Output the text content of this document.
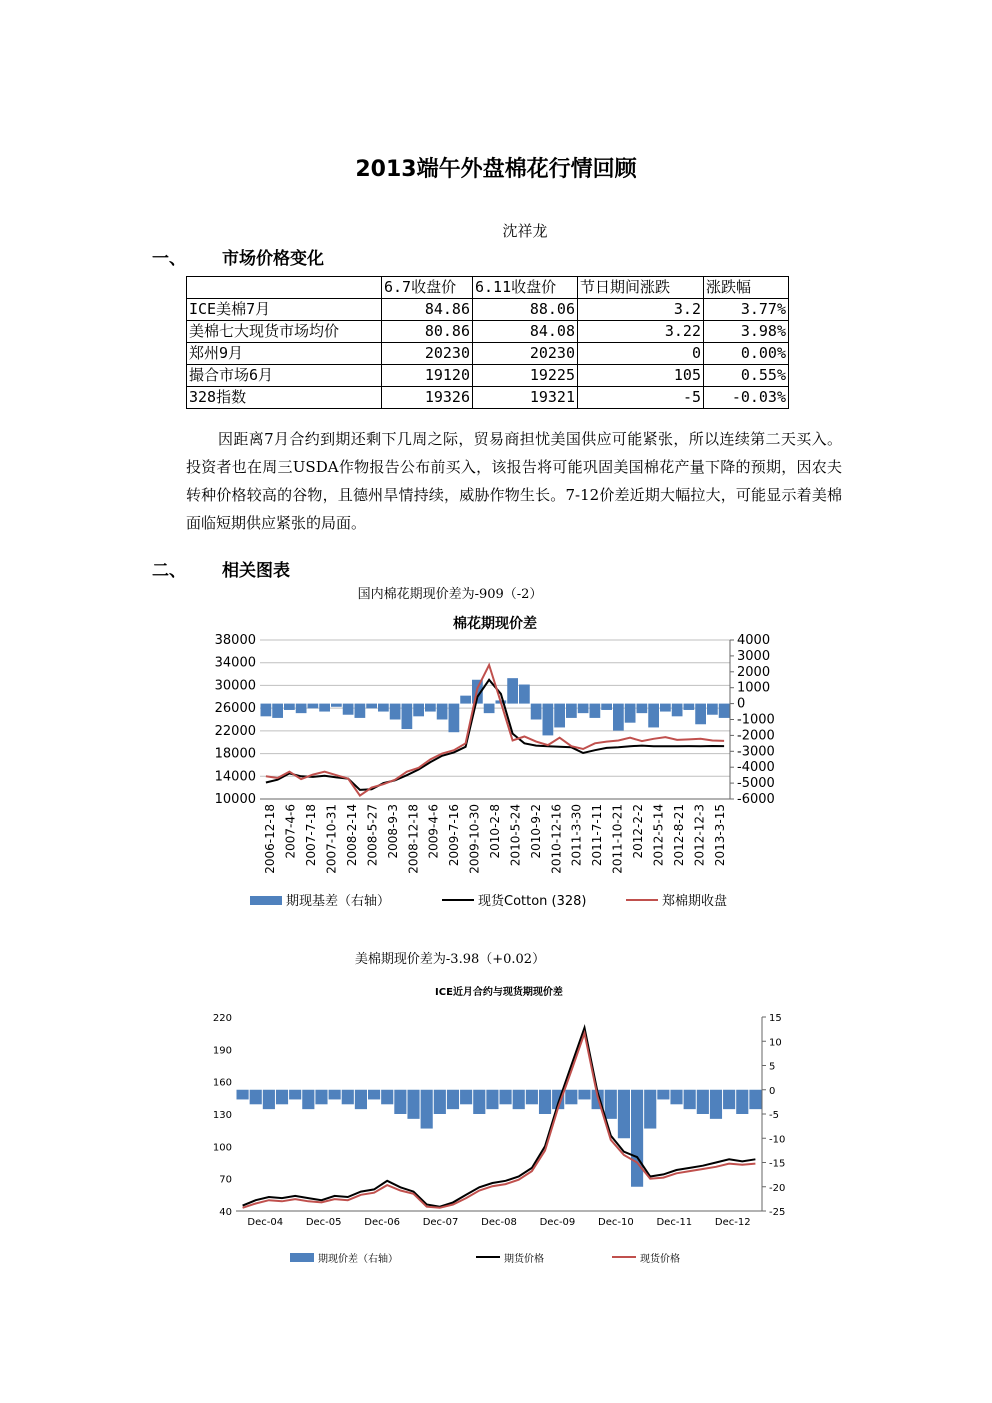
2013端午外盘棉花行情回顾
沈祥龙
一、 市场价格变化
	6.7收盘价	6.11收盘价	节日期间涨跌	涨跌幅
ICE美棉7月	84.86	88.06	3.2	3.77%
美棉七大现货市场均价	80.86	84.08	3.22	3.98%
郑州9月	20230	20230	0	0.00%
撮合市场6月	19120	19225	105	0.55%
328指数	19326	19321	-5	-0.03%
因距离7月合约到期还剩下几周之际，贸易商担忧美国供应可能紧张，所以连续第二天买入。投资者也在周三USDA作物报告公布前买入，该报告将可能巩固美国棉花产量下降的预期，因农夫转种价格较高的谷物，且德州旱情持续，威胁作物生长。7-12价差近期大幅拉大，可能显示着美棉面临短期供应紧张的局面。
二、 相关图表
国内棉花期现价差为-909（-2）
棉花期现价差
38000
34000
30000
26000
22000
18000
14000
10000
4000
3000
2000
1000
0
-1000
-2000
-3000
-4000
-5000
-6000
2006-12-18 2007-4-6 2007-7-18 2007-10-31 2008-2-14 2008-5-27 2008-9-3 2008-12-18 2009-4-6 2009-7-16 2009-10-30 2010-2-8 2010-5-24 2010-9-2 2010-12-16 2011-3-30 2011-7-11 2011-10-21 2012-2-2 2012-5-14 2012-8-21 2012-12-3 2013-3-15
期现基差（右轴）	现货Cotton (328)	郑棉期收盘
美棉期现价差为-3.98（+0.02）
ICE近月合约与现货期现价差
220
190
160
130
100
70
40
15
10
5
0
-5
-10
-15
-20
-25
Dec-04 Dec-05 Dec-06 Dec-07 Dec-08 Dec-09 Dec-10 Dec-11 Dec-12
期现价差（右轴）	期货价格	现货价格
